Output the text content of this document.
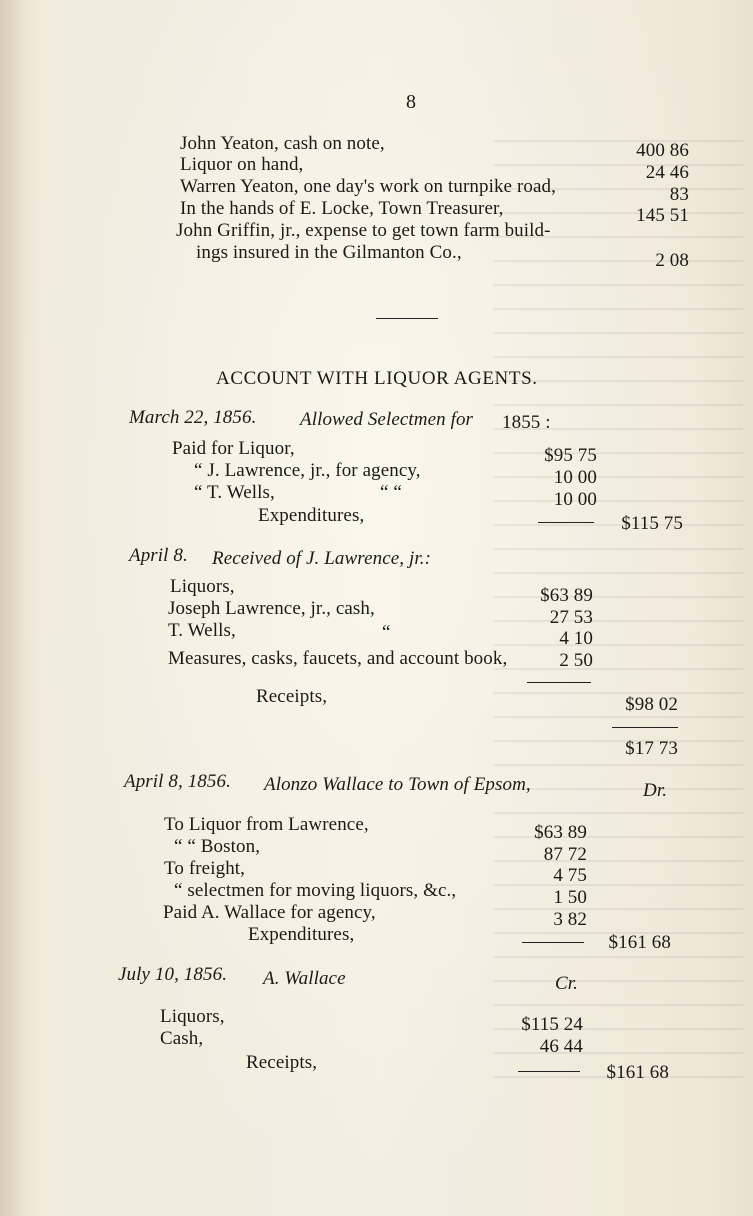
8
John Yeaton, cash on note,	400 86
Liquor on hand,	24 46
Warren Yeaton, one day's work on turnpike road,	83
In the hands of E. Locke, Town Treasurer,	145 51
John Griffin, jr., expense to get town farm build-
ings insured in the Gilmanton Co.,	2 08
ACCOUNT WITH LIQUOR AGENTS.
March 22, 1856. Allowed Selectmen for 1855 :
Paid for Liquor,	$95 75
“ J. Lawrence, jr., for agency,	10 00
“ T. Wells,	“ “	10 00
Expenditures,	$115 75
April 8. Received of J. Lawrence, jr.:
Liquors,	$63 89
Joseph Lawrence, jr., cash,	27 53
T. Wells,	“	4 10
Measures, casks, faucets, and account book,	2 50
Receipts,	$98 02
$17 73
April 8, 1856. Alonzo Wallace to Town of Epsom,	Dr.
To Liquor from Lawrence,	$63 89
“ “ Boston,	87 72
To freight,	4 75
“ selectmen for moving liquors, &c.,	1 50
Paid A. Wallace for agency,	3 82
Expenditures,	$161 68
July 10, 1856. A. Wallace	Cr.
Liquors,	$115 24
Cash,	46 44
Receipts,	$161 68
